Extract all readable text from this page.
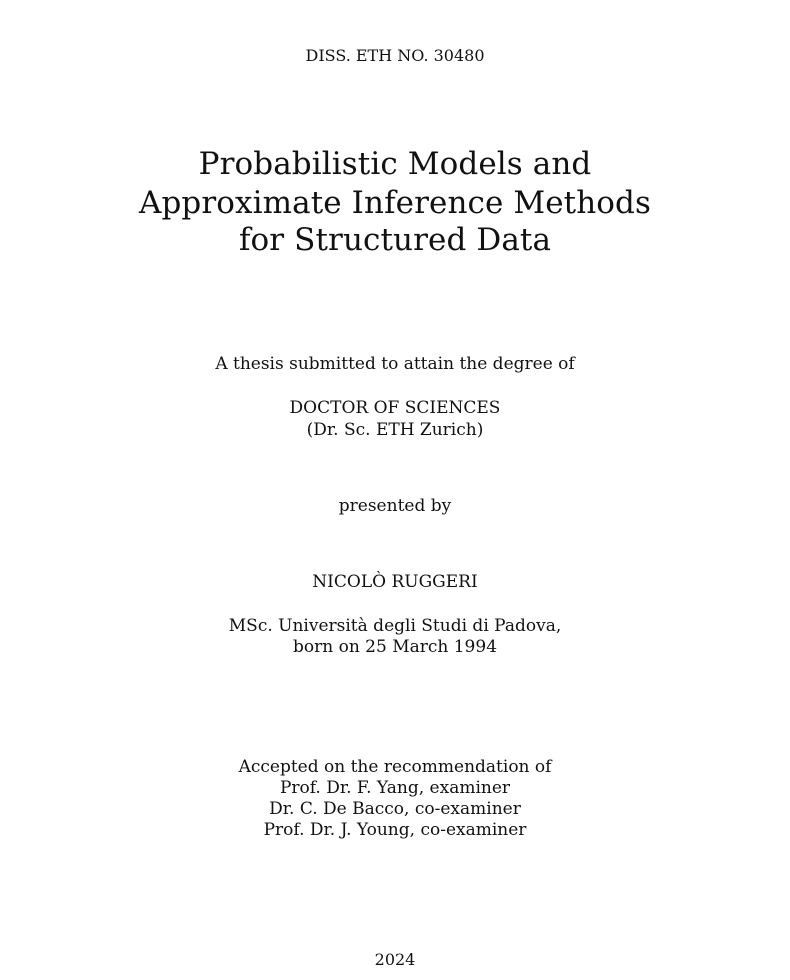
DISS. ETH NO. 30480
Probabilistic Models and
Approximate Inference Methods
for Structured Data
A thesis submitted to attain the degree of
DOCTOR OF SCIENCES
(Dr. Sc. ETH Zurich)
presented by
NICOLÒ RUGGERI
MSc. Università degli Studi di Padova,
born on 25 March 1994
Accepted on the recommendation of
Prof. Dr. F. Yang, examiner
Dr. C. De Bacco, co-examiner
Prof. Dr. J. Young, co-examiner
2024
